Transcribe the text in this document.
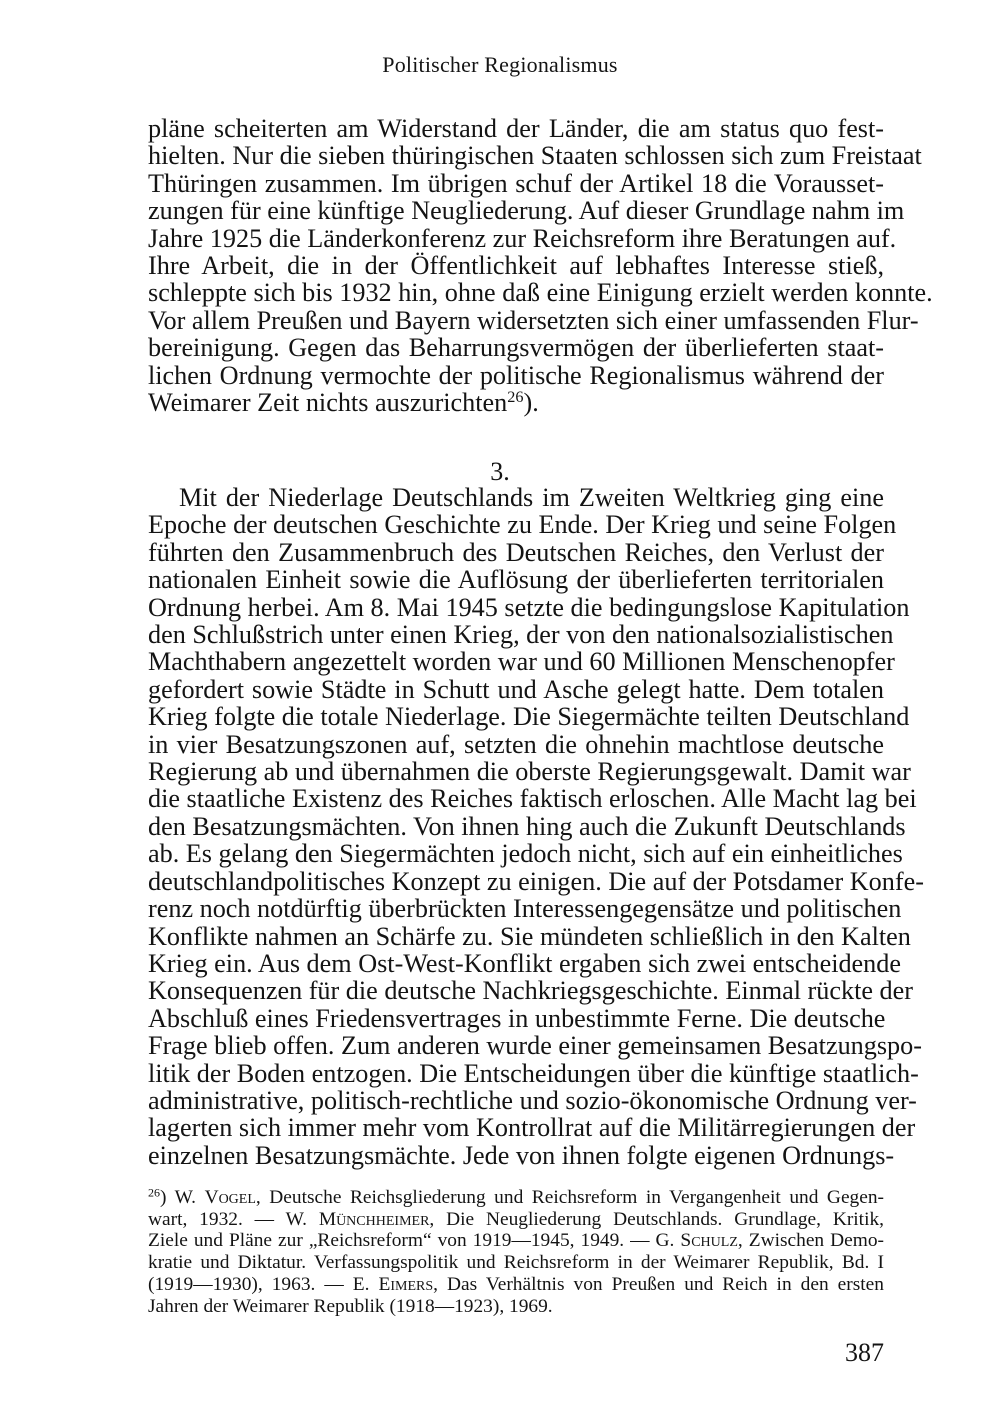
Politischer Regionalismus
pläne scheiterten am Widerstand der Länder, die am status quo fest-
hielten. Nur die sieben thüringischen Staaten schlossen sich zum Freistaat
Thüringen zusammen. Im übrigen schuf der Artikel 18 die Vorausset-
zungen für eine künftige Neugliederung. Auf dieser Grundlage nahm im
Jahre 1925 die Länderkonferenz zur Reichsreform ihre Beratungen auf.
Ihre Arbeit, die in der Öffentlichkeit auf lebhaftes Interesse stieß,
schleppte sich bis 1932 hin, ohne daß eine Einigung erzielt werden konnte.
Vor allem Preußen und Bayern widersetzten sich einer umfassenden Flur-
bereinigung. Gegen das Beharrungsvermögen der überlieferten staat-
lichen Ordnung vermochte der politische Regionalismus während der
Weimarer Zeit nichts auszurichten$^{26}$).
3.
Mit der Niederlage Deutschlands im Zweiten Weltkrieg ging eine
Epoche der deutschen Geschichte zu Ende. Der Krieg und seine Folgen
führten den Zusammenbruch des Deutschen Reiches, den Verlust der
nationalen Einheit sowie die Auflösung der überlieferten territorialen
Ordnung herbei. Am 8. Mai 1945 setzte die bedingungslose Kapitulation
den Schlußstrich unter einen Krieg, der von den nationalsozialistischen
Machthabern angezettelt worden war und 60 Millionen Menschenopfer
gefordert sowie Städte in Schutt und Asche gelegt hatte. Dem totalen
Krieg folgte die totale Niederlage. Die Siegermächte teilten Deutschland
in vier Besatzungszonen auf, setzten die ohnehin machtlose deutsche
Regierung ab und übernahmen die oberste Regierungsgewalt. Damit war
die staatliche Existenz des Reiches faktisch erloschen. Alle Macht lag bei
den Besatzungsmächten. Von ihnen hing auch die Zukunft Deutschlands
ab. Es gelang den Siegermächten jedoch nicht, sich auf ein einheitliches
deutschlandpolitisches Konzept zu einigen. Die auf der Potsdamer Konfe-
renz noch notdürftig überbrückten Interessengegensätze und politischen
Konflikte nahmen an Schärfe zu. Sie mündeten schließlich in den Kalten
Krieg ein. Aus dem Ost-West-Konflikt ergaben sich zwei entscheidende
Konsequenzen für die deutsche Nachkriegsgeschichte. Einmal rückte der
Abschluß eines Friedensvertrages in unbestimmte Ferne. Die deutsche
Frage blieb offen. Zum anderen wurde einer gemeinsamen Besatzungspo-
litik der Boden entzogen. Die Entscheidungen über die künftige staatlich-
administrative, politisch-rechtliche und sozio-ökonomische Ordnung ver-
lagerten sich immer mehr vom Kontrollrat auf die Militärregierungen der
einzelnen Besatzungsmächte. Jede von ihnen folgte eigenen Ordnungs-
$^{26}$) W. Vogel, Deutsche Reichsgliederung und Reichsreform in Vergangenheit und Gegen-
wart, 1932. — W. Münchheimer, Die Neugliederung Deutschlands. Grundlage, Kritik,
Ziele und Pläne zur „Reichsreform“ von 1919—1945, 1949. — G. Schulz, Zwischen Demo-
kratie und Diktatur. Verfassungspolitik und Reichsreform in der Weimarer Republik, Bd. I
(1919—1930), 1963. — E. Eimers, Das Verhältnis von Preußen und Reich in den ersten
Jahren der Weimarer Republik (1918—1923), 1969.
387
